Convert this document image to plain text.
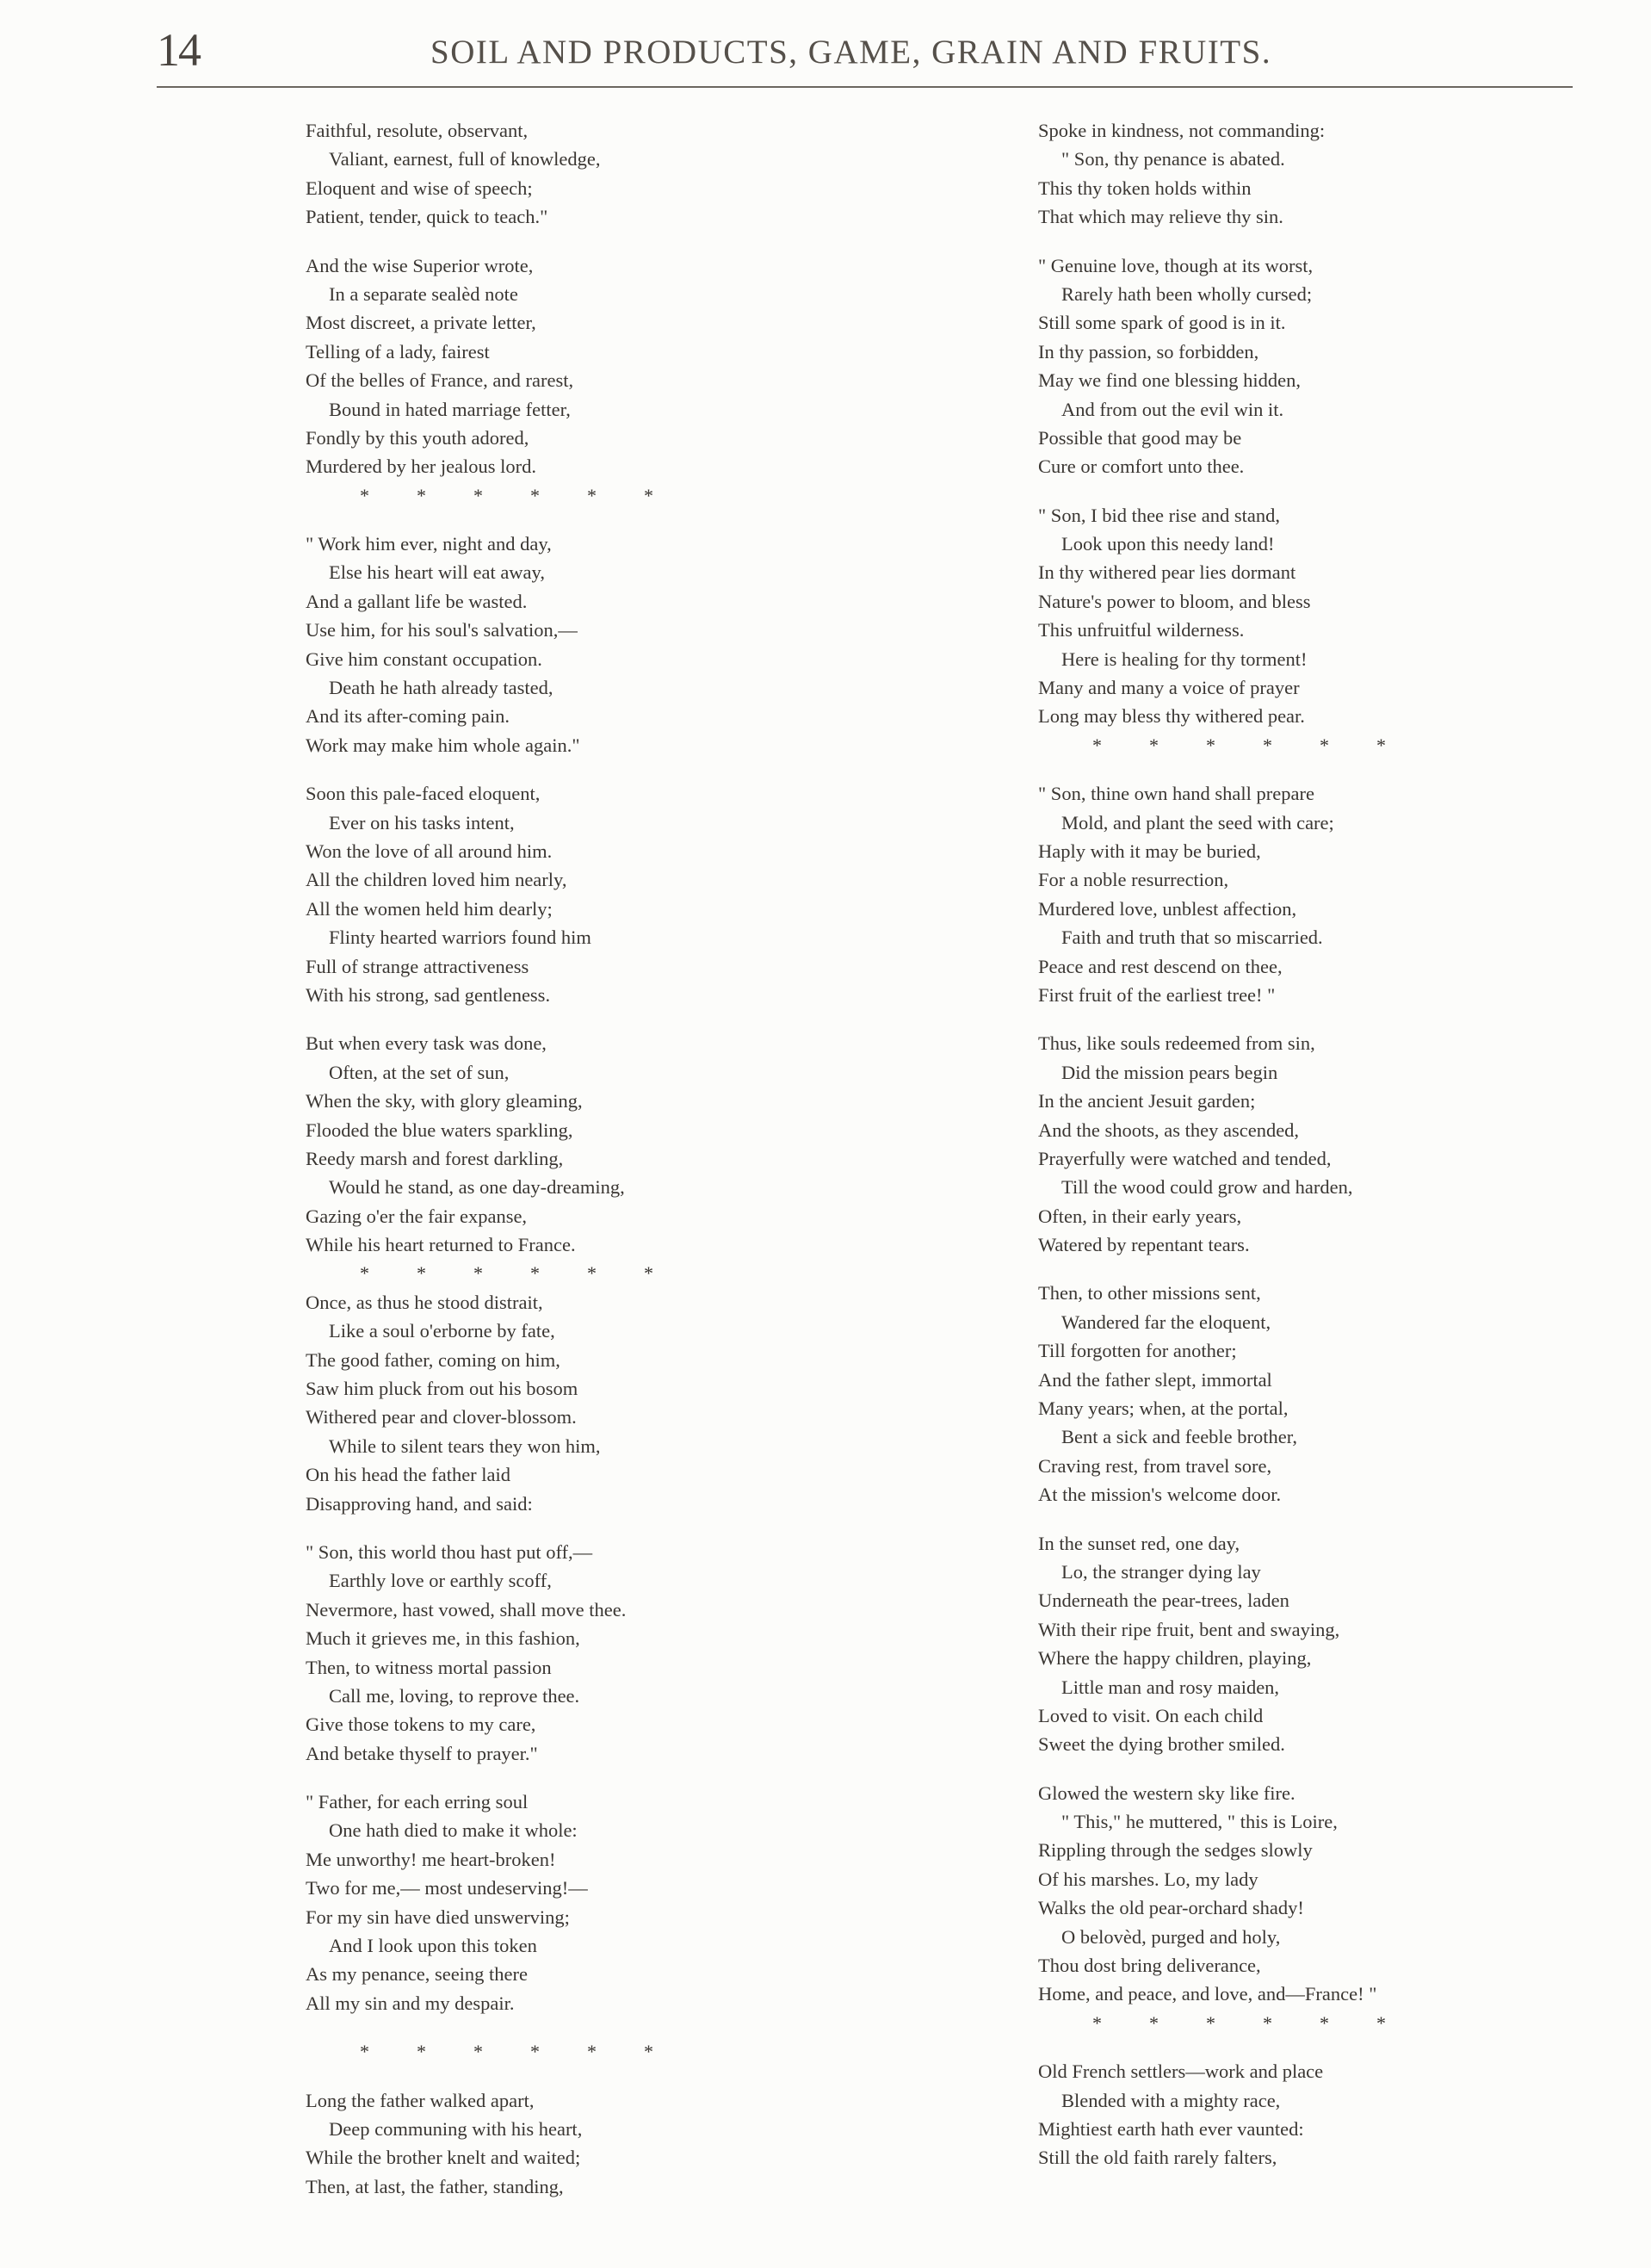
14	SOIL AND PRODUCTS, GAME, GRAIN AND FRUITS.
Faithful, resolute, observant,
Valiant, earnest, full of knowledge,
Eloquent and wise of speech;
Patient, tender, quick to teach."
And the wise Superior wrote,
In a separate sealèd note
Most discreet, a private letter,
Telling of a lady, fairest
Of the belles of France, and rarest,
Bound in hated marriage fetter,
Fondly by this youth adored,
Murdered by her jealous lord.
*	*	*	*	*	*
" Work him ever, night and day,
Else his heart will eat away,
And a gallant life be wasted.
Use him, for his soul's salvation,—
Give him constant occupation.
Death he hath already tasted,
And its after-coming pain.
Work may make him whole again."
Soon this pale-faced eloquent,
Ever on his tasks intent,
Won the love of all around him.
All the children loved him nearly,
All the women held him dearly;
Flinty hearted warriors found him
Full of strange attractiveness
With his strong, sad gentleness.
But when every task was done,
Often, at the set of sun,
When the sky, with glory gleaming,
Flooded the blue waters sparkling,
Reedy marsh and forest darkling,
Would he stand, as one day-dreaming,
Gazing o'er the fair expanse,
While his heart returned to France.
*	*	*	*	*	*
Once, as thus he stood distrait,
Like a soul o'erborne by fate,
The good father, coming on him,
Saw him pluck from out his bosom
Withered pear and clover-blossom.
While to silent tears they won him,
On his head the father laid
Disapproving hand, and said:
" Son, this world thou hast put off,—
Earthly love or earthly scoff,
Nevermore, hast vowed, shall move thee.
Much it grieves me, in this fashion,
Then, to witness mortal passion
Call me, loving, to reprove thee.
Give those tokens to my care,
And betake thyself to prayer."
" Father, for each erring soul
One hath died to make it whole:
Me unworthy! me heart-broken!
Two for me,— most undeserving!—
For my sin have died unswerving;
And I look upon this token
As my penance, seeing there
All my sin and my despair.
*	*	*	*	*	*
Long the father walked apart,
Deep communing with his heart,
While the brother knelt and waited;
Then, at last, the father, standing,
Spoke in kindness, not commanding:
" Son, thy penance is abated.
This thy token holds within
That which may relieve thy sin.
" Genuine love, though at its worst,
Rarely hath been wholly cursed;
Still some spark of good is in it.
In thy passion, so forbidden,
May we find one blessing hidden,
And from out the evil win it.
Possible that good may be
Cure or comfort unto thee.
" Son, I bid thee rise and stand,
Look upon this needy land!
In thy withered pear lies dormant
Nature's power to bloom, and bless
This unfruitful wilderness.
Here is healing for thy torment!
Many and many a voice of prayer
Long may bless thy withered pear.
*	*	*	*	*	*
" Son, thine own hand shall prepare
Mold, and plant the seed with care;
Haply with it may be buried,
For a noble resurrection,
Murdered love, unblest affection,
Faith and truth that so miscarried.
Peace and rest descend on thee,
First fruit of the earliest tree! "
Thus, like souls redeemed from sin,
Did the mission pears begin
In the ancient Jesuit garden;
And the shoots, as they ascended,
Prayerfully were watched and tended,
Till the wood could grow and harden,
Often, in their early years,
Watered by repentant tears.
Then, to other missions sent,
Wandered far the eloquent,
Till forgotten for another;
And the father slept, immortal
Many years; when, at the portal,
Bent a sick and feeble brother,
Craving rest, from travel sore,
At the mission's welcome door.
In the sunset red, one day,
Lo, the stranger dying lay
Underneath the pear-trees, laden
With their ripe fruit, bent and swaying,
Where the happy children, playing,
Little man and rosy maiden,
Loved to visit. On each child
Sweet the dying brother smiled.
Glowed the western sky like fire.
" This," he muttered, " this is Loire,
Rippling through the sedges slowly
Of his marshes. Lo, my lady
Walks the old pear-orchard shady!
O belovèd, purged and holy,
Thou dost bring deliverance,
Home, and peace, and love, and—France! "
*	*	*	*	*	*
Old French settlers—work and place
Blended with a mighty race,
Mightiest earth hath ever vaunted:
Still the old faith rarely falters,
